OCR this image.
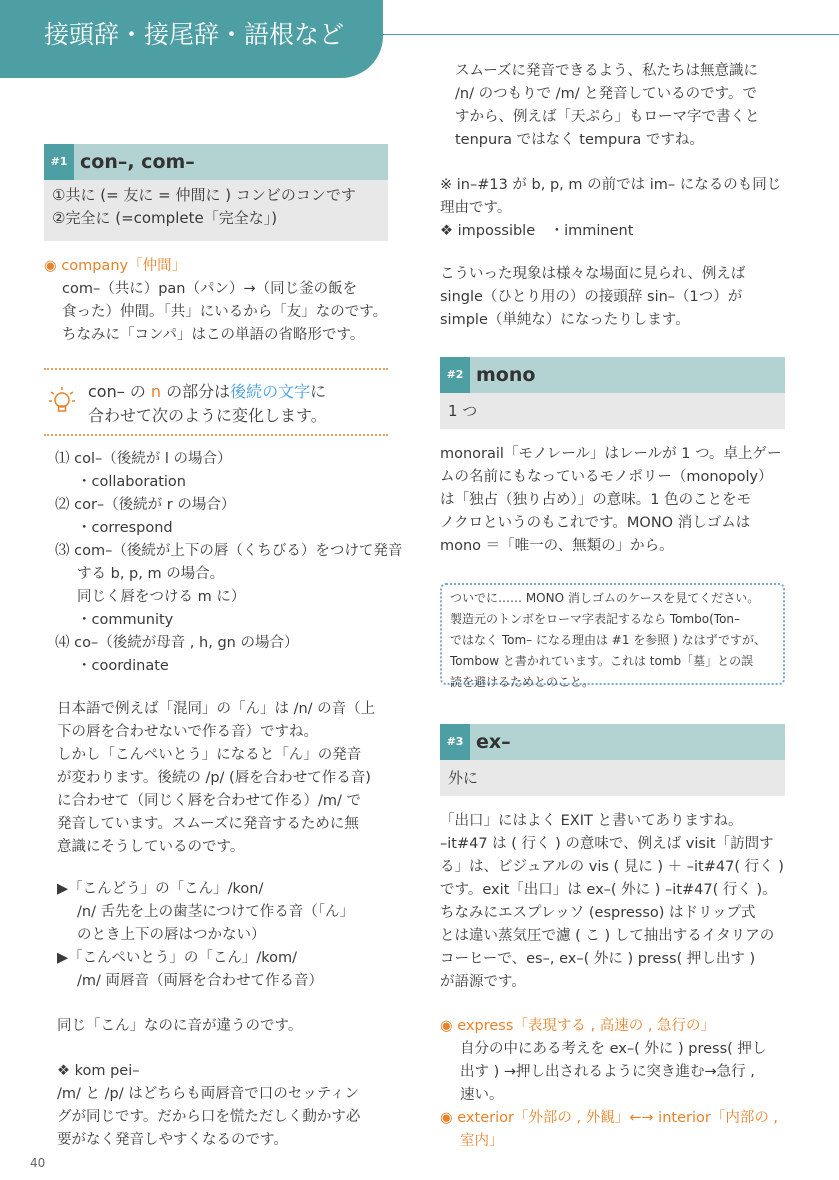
接頭辞・接尾辞・語根など
#1 con–, com–
①共に (= 友に = 仲間に ) コンビのコンです
②完全に (=complete「完全な」)
◉ company「仲間」
com–（共に）pan（パン）→（同じ釜の飯を
食った）仲間。「共」にいるから「友」なのです。
ちなみに「コンパ」はこの単語の省略形です。
con– の n の部分は後続の文字に
合わせて次のように変化します。
⑴ col–（後続が l の場合）
・collaboration
⑵ cor–（後続が r の場合）
・correspond
⑶ com–（後続が上下の唇（くちびる）をつけて発音
する b, p, m の場合。
同じく唇をつける m に）
・community
⑷ co–（後続が母音 , h, gn の場合）
・coordinate
日本語で例えば「混同」の「ん」は /n/ の音（上
下の唇を合わせないで作る音）ですね。
しかし「こんぺいとう」になると「ん」の発音
が変わります。後続の /p/ (唇を合わせて作る音)
に合わせて（同じく唇を合わせて作る）/m/ で
発音しています。スムーズに発音するために無
意識にそうしているのです。
▶「こんどう」の「こん」/kon/
/n/ 舌先を上の歯茎につけて作る音（「ん」
のとき上下の唇はつかない）
▶「こんぺいとう」の「こん」/kom/
/m/ 両唇音（両唇を合わせて作る音）
同じ「こん」なのに音が違うのです。
❖ kom pei–
/m/ と /p/ はどちらも両唇音で口のセッティン
グが同じです。だから口を慌ただしく動かす必
要がなく発音しやすくなるのです。
40
スムーズに発音できるよう、私たちは無意識に
/n/ のつもりで /m/ と発音しているのです。で
すから、例えば「天ぷら」もローマ字で書くと
tenpura ではなく tempura ですね。
※ in–#13 が b, p, m の前では im– になるのも同じ
理由です。
❖ impossible　・imminent
こういった現象は様々な場面に見られ、例えば
single（ひとり用の）の接頭辞 sin–（1つ）が
simple（単純な）になったりします。
#2 mono
1 つ
monorail「モノレール」はレールが 1 つ。卓上ゲー
ムの名前にもなっているモノポリー（monopoly）
は「独占（独り占め）」の意味。1 色のことをモ
ノクロというのもこれです。MONO 消しゴムは
mono ＝「唯一の、無類の」から。
ついでに…… MONO 消しゴムのケースを見てください。
製造元のトンボをローマ字表記するなら Tombo(Ton–
ではなく Tom– になる理由は #1 を参照 ) なはずですが、
Tombow と書かれています。これは tomb「墓」との誤
読を避けるためとのこと。
#3 ex–
外に
「出口」にはよく EXIT と書いてありますね。
–it#47 は ( 行く ) の意味で、例えば visit「訪問す
る」は、ビジュアルの vis ( 見に ) ＋ –it#47( 行く )
です。exit「出口」は ex–( 外に ) –it#47( 行く )。
ちなみにエスプレッソ (espresso) はドリップ式
とは違い蒸気圧で濾 ( こ ) して抽出するイタリアの
コーヒーで、es–, ex–( 外に ) press( 押し出す )
が語源です。
◉ express「表現する , 高速の , 急行の」
自分の中にある考えを ex–( 外に ) press( 押し
出す ) →押し出されるように突き進む→急行 ,
速い。
◉ exterior「外部の , 外観」←→ interior「内部の ,
室内」
